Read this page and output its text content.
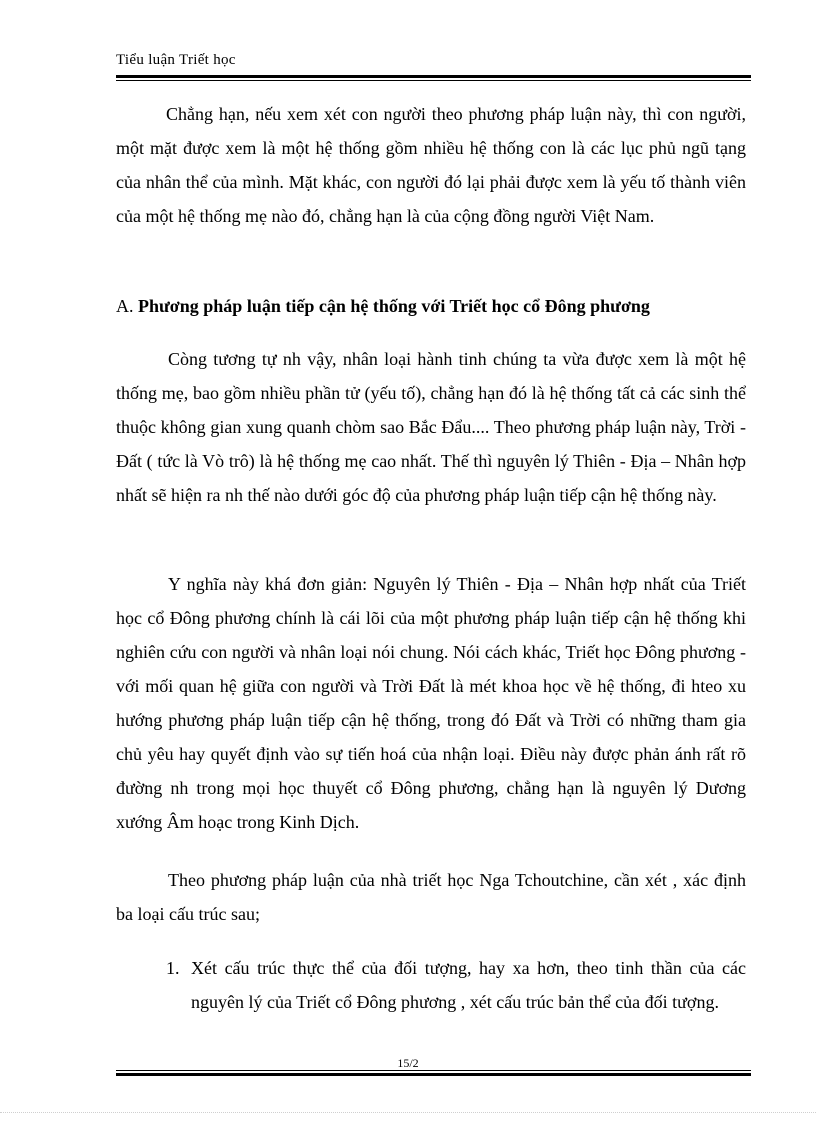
Tiểu luận Triết học

Chẳng hạn, nếu xem xét con người theo phương pháp luận này, thì con người, một mặt được xem là một hệ thống gồm nhiều hệ thống con là các lục phủ ngũ tạng của nhân thể của mình. Mặt khác, con người đó lại phải được xem là yếu tố thành viên của một hệ thống mẹ nào đó, chẳng hạn là của cộng đồng người Việt Nam.

A. Phương pháp luận tiếp cận hệ thống với Triết học cổ Đông phương

Còng tương tự nh vậy, nhân loại hành tinh chúng ta vừa được xem là một hệ thống mẹ, bao gồm nhiều phần tử (yếu tố), chẳng hạn đó là hệ thống tất cả các sinh thể thuộc không gian xung quanh chòm sao Bắc Đẩu.... Theo phương pháp luận này, Trời - Đất ( tức là Vò trô) là hệ thống mẹ cao nhất. Thế thì nguyên lý Thiên - Địa – Nhân hợp nhất sẽ hiện ra nh thế nào dưới góc độ của phương pháp luận tiếp cận hệ thống này.

Y nghĩa này khá đơn giản: Nguyên lý Thiên - Địa – Nhân hợp nhất của Triết học cổ Đông phương chính là cái lõi của một phương pháp luận tiếp cận hệ thống khi nghiên cứu con người và nhân loại nói chung. Nói cách khác, Triết học Đông phương - với mối quan hệ giữa con người và Trời Đất là mét khoa học về hệ thống, đi hteo xu hướng phương pháp luận tiếp cận hệ thống, trong đó Đất và Trời có những tham gia chủ yêu hay quyết định vào sự tiến hoá của nhận loại. Điều này được phản ánh rất rõ đường nh trong mọi học thuyết cổ Đông phương, chẳng hạn là nguyên lý Dương xướng Âm hoạc trong Kinh Dịch.

Theo phương pháp luận của nhà triết học Nga Tchoutchine, cần xét , xác định ba loại cấu trúc sau;

1. Xét cấu trúc thực thể của đối tượng, hay xa hơn, theo tinh thần của các nguyên lý của Triết cổ Đông phương , xét cấu trúc bản thể của đối tượng.
15/2
